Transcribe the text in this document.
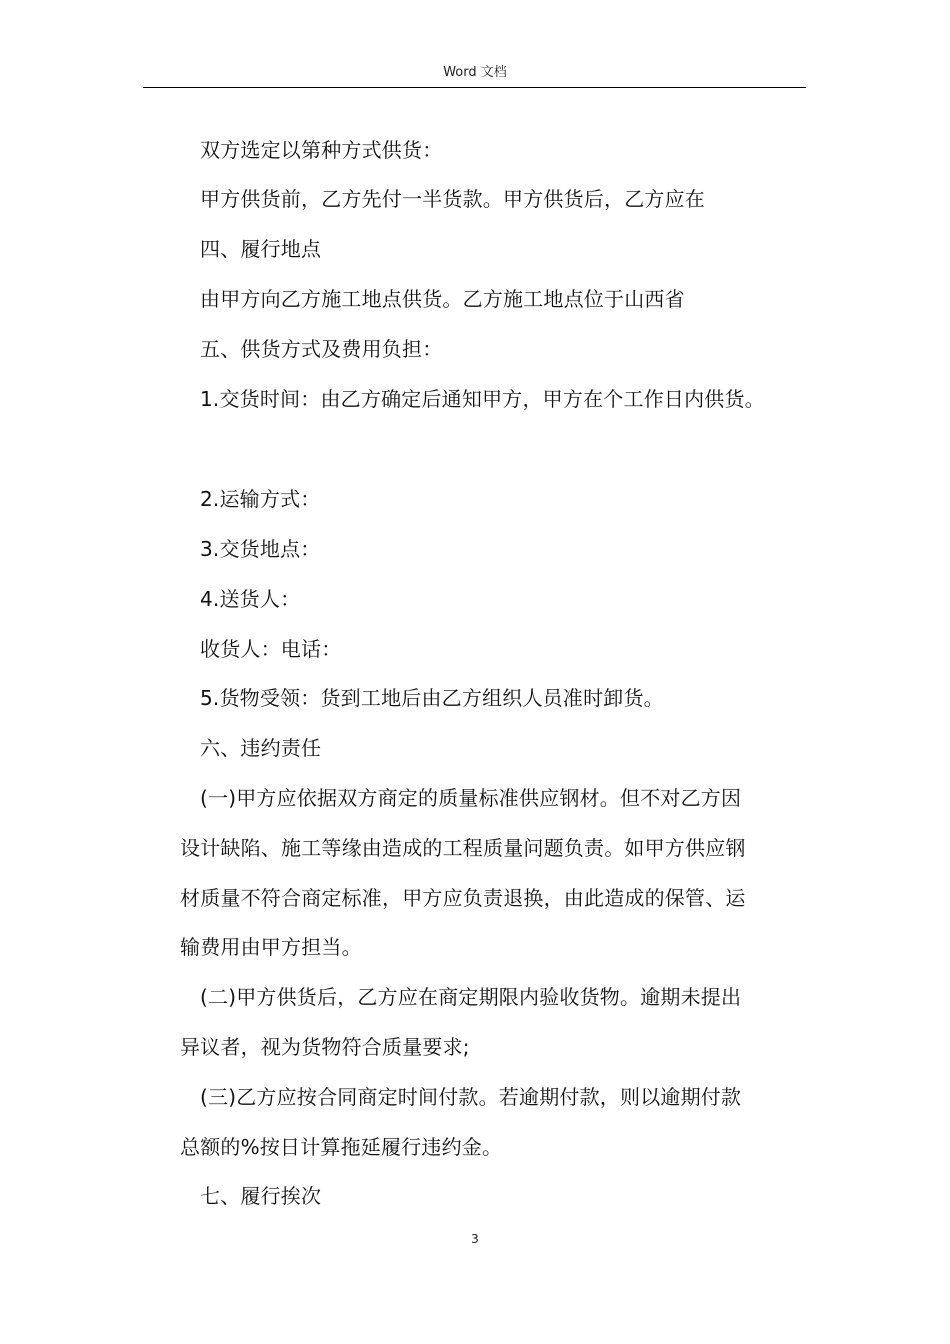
Word 文档
双方选定以第种方式供货：
甲方供货前，乙方先付一半货款。甲方供货后，乙方应在
四、履行地点
由甲方向乙方施工地点供货。乙方施工地点位于山西省
五、供货方式及费用负担：
1.交货时间：由乙方确定后通知甲方，甲方在个工作日内供货。
2.运输方式：
3.交货地点：
4.送货人：
收货人：电话：
5.货物受领：货到工地后由乙方组织人员准时卸货。
六、违约责任
(一)甲方应依据双方商定的质量标准供应钢材。但不对乙方因
设计缺陷、施工等缘由造成的工程质量问题负责。如甲方供应钢
材质量不符合商定标准，甲方应负责退换，由此造成的保管、运
输费用由甲方担当。
(二)甲方供货后，乙方应在商定期限内验收货物。逾期未提出
异议者，视为货物符合质量要求;
(三)乙方应按合同商定时间付款。若逾期付款，则以逾期付款
总额的%按日计算拖延履行违约金。
七、履行挨次
3
